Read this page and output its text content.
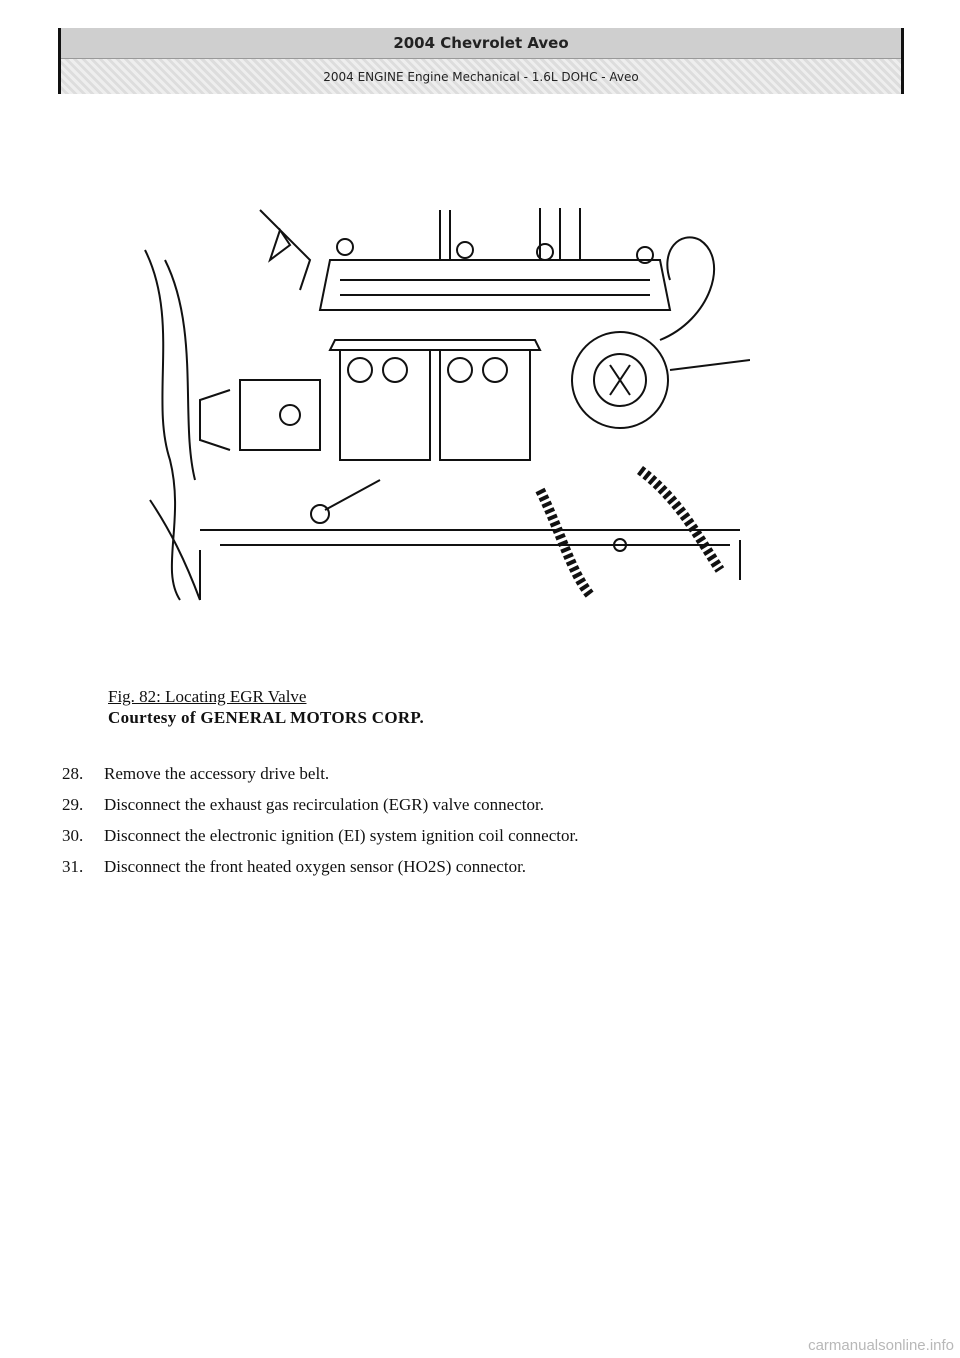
2004 Chevrolet Aveo
2004 ENGINE Engine Mechanical - 1.6L DOHC - Aveo
Fig. 82: Locating EGR Valve
Courtesy of GENERAL MOTORS CORP.
28.	Remove the accessory drive belt.
29.	Disconnect the exhaust gas recirculation (EGR) valve connector.
30.	Disconnect the electronic ignition (EI) system ignition coil connector.
31.	Disconnect the front heated oxygen sensor (HO2S) connector.
carmanualsonline.info
